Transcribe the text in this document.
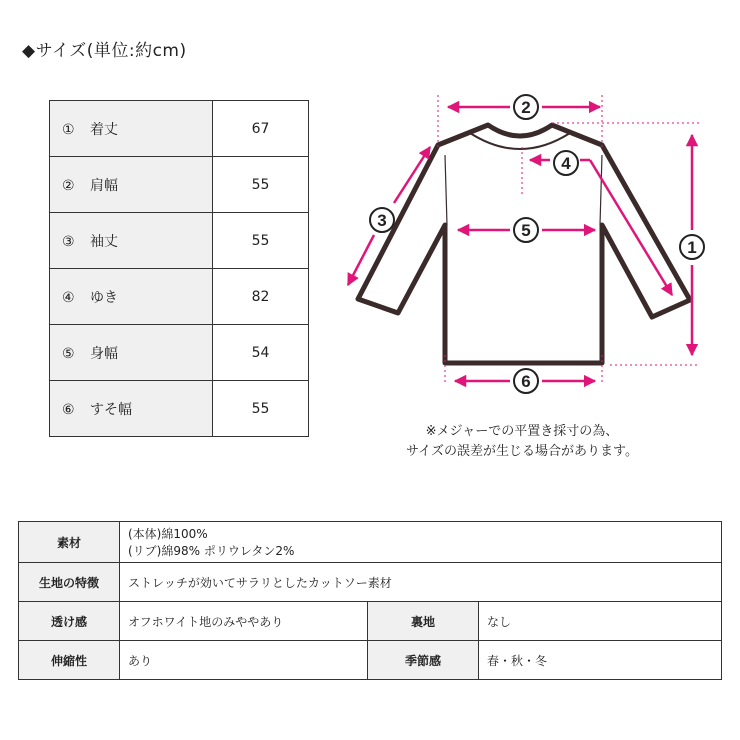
◆サイズ(単位:約cm)
① 着丈	67
② 肩幅	55
③ 袖丈	55
④ ゆき	82
⑤ 身幅	54
⑥ すそ幅	55
2
4
3
5
1
6
※メジャーでの平置き採寸の為、
サイズの誤差が生じる場合があります。
素材	(本体)綿100%
(リブ)綿98% ポリウレタン2%		

生地の特徴	ストレッチが効いてサラリとしたカットソー素材		
透け感	オフホワイト地のみややあり	裏地	なし
伸縮性	あり	季節感	春・秋・冬
